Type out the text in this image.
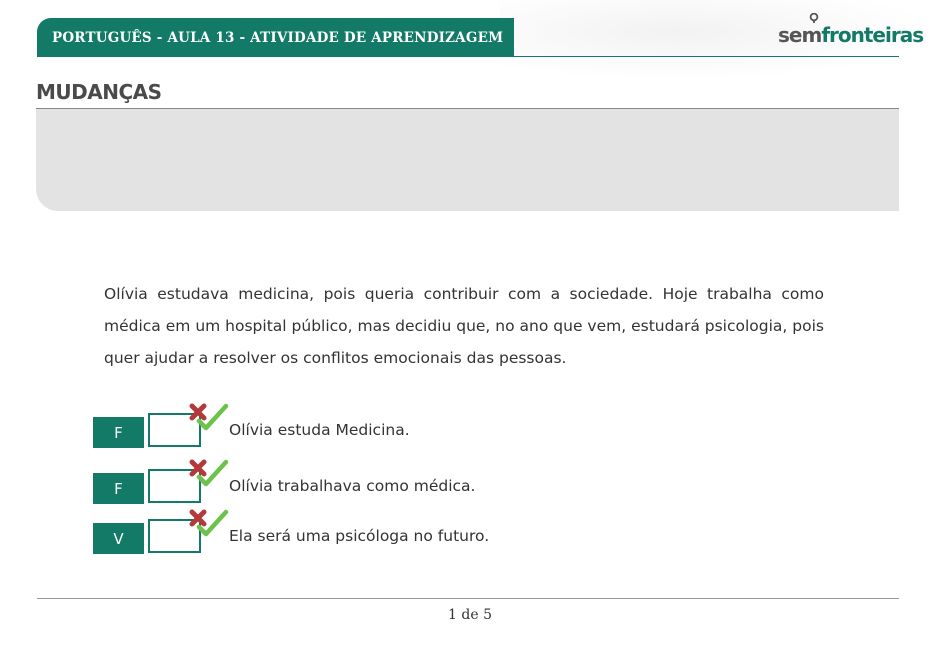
PORTUGUÊS - AULA 13 - ATIVIDADE DE APRENDIZAGEM	semfronteiras
MUDANÇAS

Olívia estudava medicina, pois queria contribuir com a sociedade. Hoje trabalha como médica em um hospital público, mas decidiu que, no ano que vem, estudará psicologia, pois quer ajudar a resolver os conflitos emocionais das pessoas.

F	Olívia estuda Medicina.
F	Olívia trabalhava como médica.
V	Ela será uma psicóloga no futuro.
1 de 5
